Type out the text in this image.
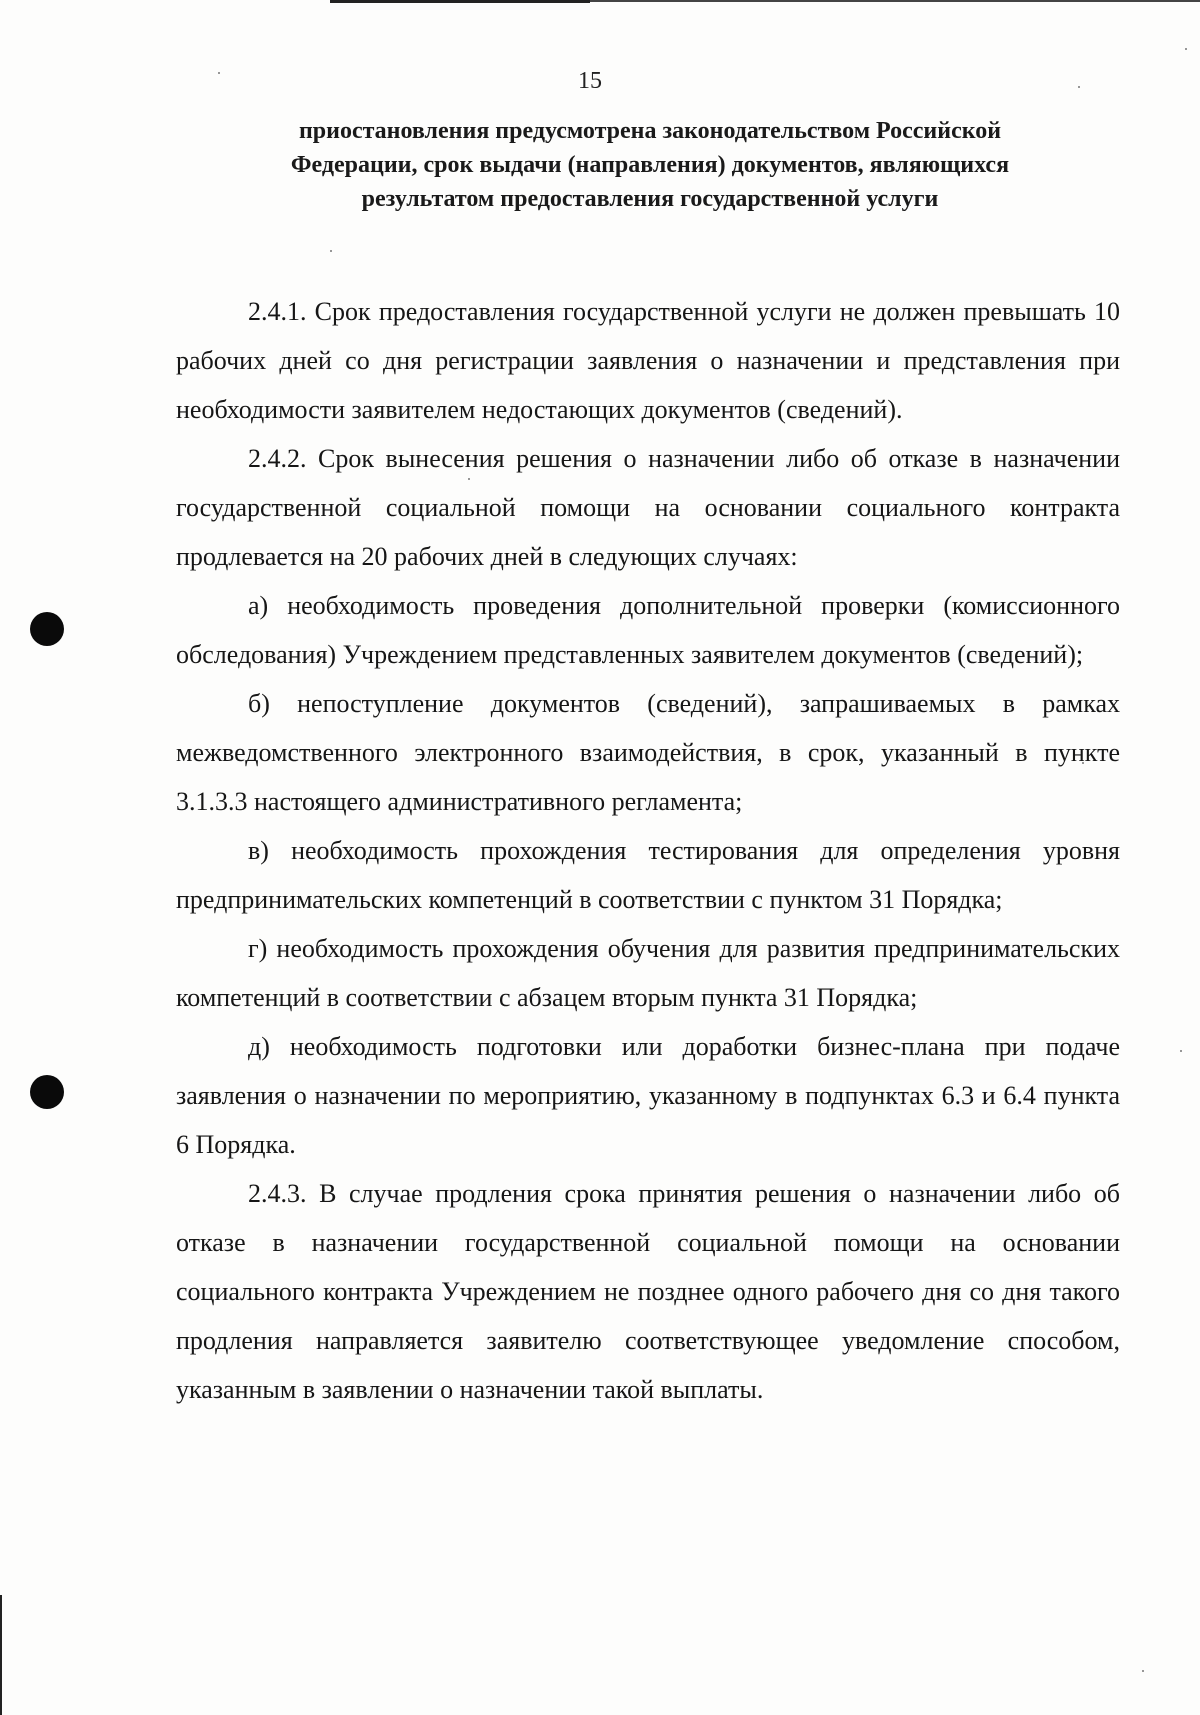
15
приостановления предусмотрена законодательством Российской
Федерации, срок выдачи (направления) документов, являющихся
результатом предоставления государственной услуги

2.4.1. Срок предоставления государственной услуги не должен превышать 10 рабочих дней со дня регистрации заявления о назначении и представления при необходимости заявителем недостающих документов (сведений).

2.4.2. Срок вынесения решения о назначении либо об отказе в назначении государственной социальной помощи на основании социального контракта продлевается на 20 рабочих дней в следующих случаях:

а) необходимость проведения дополнительной проверки (комиссионного обследования) Учреждением представленных заявителем документов (сведений);

б) непоступление документов (сведений), запрашиваемых в рамках межведомственного электронного взаимодействия, в срок, указанный в пункте 3.1.3.3 настоящего административного регламента;

в) необходимость прохождения тестирования для определения уровня предпринимательских компетенций в соответствии с пунктом 31 Порядка;

г) необходимость прохождения обучения для развития предпринимательских компетенций в соответствии с абзацем вторым пункта 31 Порядка;

д) необходимость подготовки или доработки бизнес-плана при подаче заявления о назначении по мероприятию, указанному в подпунктах 6.3 и 6.4 пункта 6 Порядка.

2.4.3. В случае продления срока принятия решения о назначении либо об отказе в назначении государственной социальной помощи на основании социального контракта Учреждением не позднее одного рабочего дня со дня такого продления направляется заявителю соответствующее уведомление способом, указанным в заявлении о назначении такой выплаты.
